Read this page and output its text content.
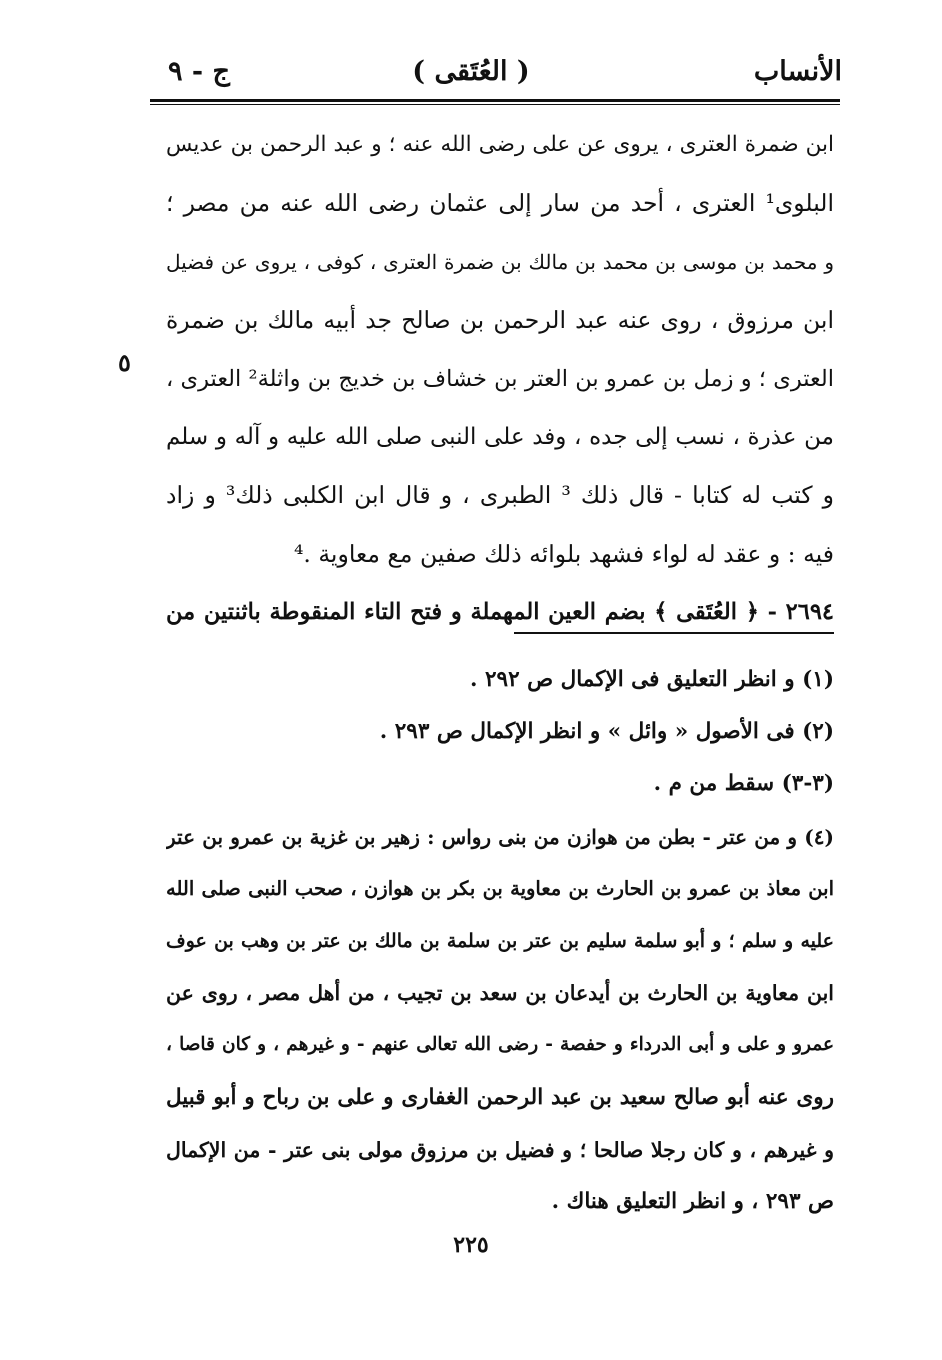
الأنساب
( العُتَقى )
ج - ٩
٥
ابن ضمرة العترى ، يروى عن على رضى الله عنه ؛ و عبد الرحمن بن عديس
البلوى¹ العترى ، أحد من سار إلى عثمان رضى الله عنه من مصر ؛
و محمد بن موسى بن محمد بن مالك بن ضمرة العترى ، كوفى ، يروى عن فضيل
ابن مرزوق ، روى عنه عبد الرحمن بن صالح جد أبيه مالك بن ضمرة
العترى ؛ و زمل بن عمرو بن العتر بن خشاف بن خديج بن واثلة² العترى ،
من عذرة ، نسب إلى جده ، وفد على النبى صلى الله عليه و آله و سلم
و كتب له كتابا - قال ذلك ³ الطبرى ، و قال ابن الكلبى ذلك³ و زاد
فيه : و عقد له لواء فشهد بلوائه ذلك صفين مع معاوية .⁴
٢٦٩٤ - ﴿ العُتَقى ﴾ بضم العين المهملة و فتح التاء المنقوطة باثنتين من
(١) و انظر التعليق فى الإكمال ص ٢٩٢ .
(٢) فى الأصول « وائل » و انظر الإكمال ص ٢٩٣ .
(٣-٣) سقط من م .
(٤) و من عتر - بطن من هوازن من بنى رواس : زهير بن غزية بن عمرو بن عتر
ابن معاذ بن عمرو بن الحارث بن معاوية بن بكر بن هوازن ، صحب النبى صلى الله
عليه و سلم ؛ و أبو سلمة سليم بن عتر بن سلمة بن مالك بن عتر بن وهب بن عوف
ابن معاوية بن الحارث بن أيدعان بن سعد بن تجيب ، من أهل مصر ، روى عن
عمرو و على و أبى الدرداء و حفصة - رضى الله تعالى عنهم - و غيرهم ، و كان قاصا ،
روى عنه أبو صالح سعيد بن عبد الرحمن الغفارى و على بن رباح و أبو قبيل
و غيرهم ، و كان رجلا صالحا ؛ و فضيل بن مرزوق مولى بنى عتر - من الإكمال
ص ٢٩٣ ، و انظر التعليق هناك .
٢٢٥
